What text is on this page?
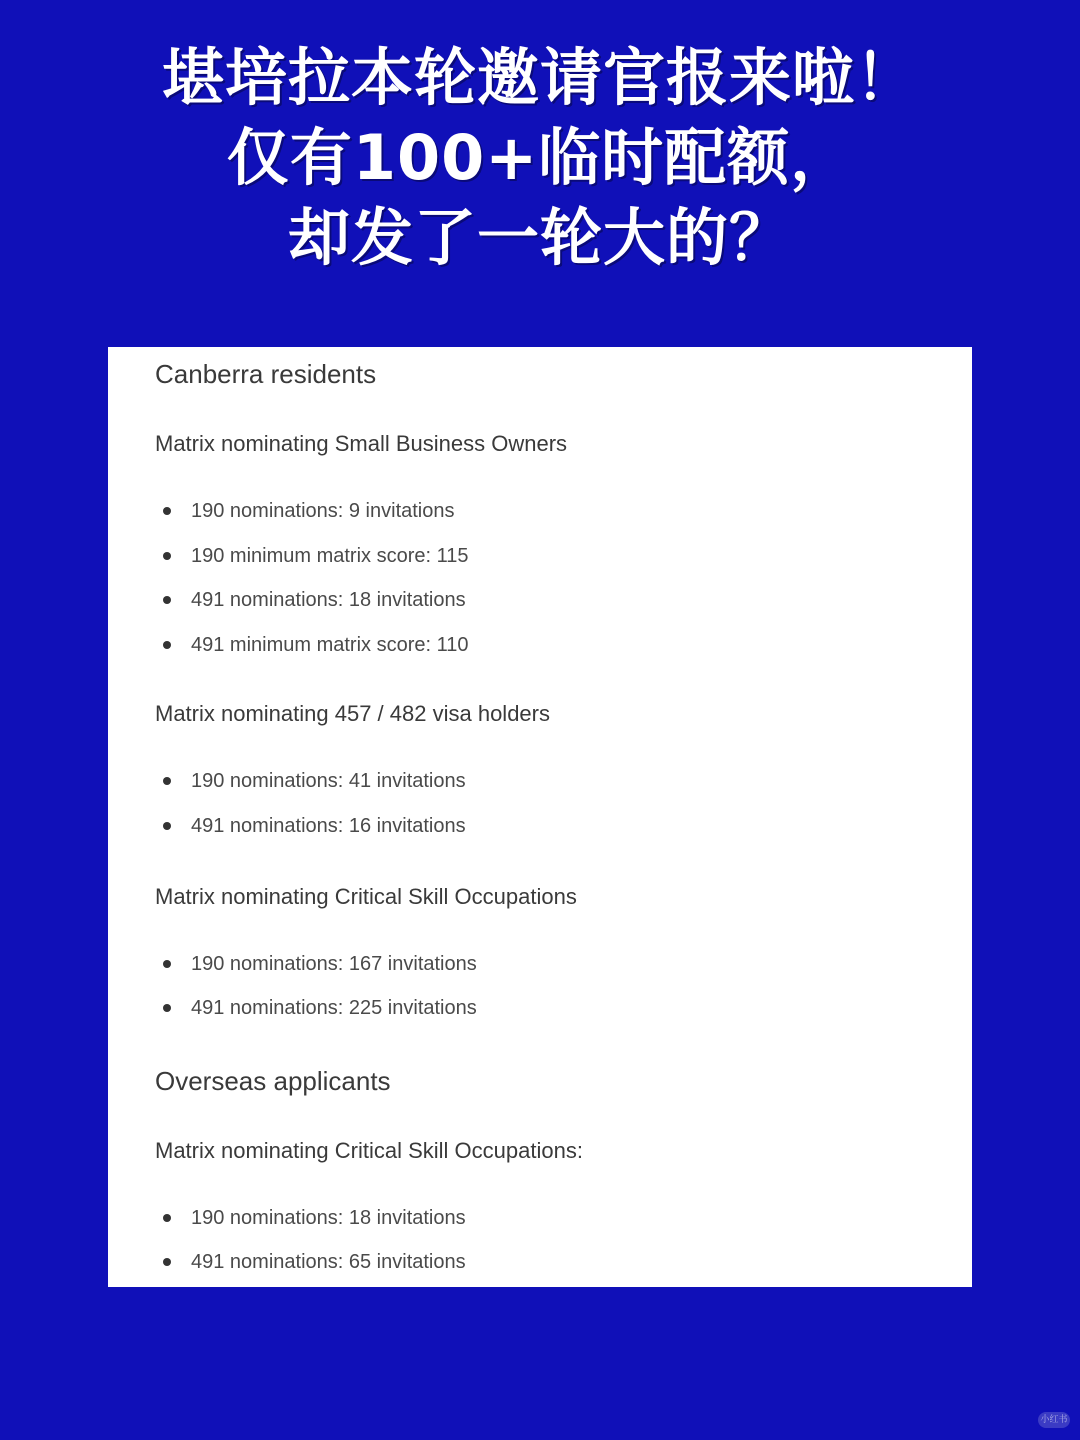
堪培拉本轮邀请官报来啦！
仅有100+临时配额，
却发了一轮大的？
Canberra residents
Matrix nominating Small Business Owners
190 nominations: 9 invitations
190 minimum matrix score: 115
491 nominations: 18 invitations
491 minimum matrix score: 110
Matrix nominating 457 / 482 visa holders
190 nominations: 41 invitations
491 nominations: 16 invitations
Matrix nominating Critical Skill Occupations
190 nominations: 167 invitations
491 nominations: 225 invitations
Overseas applicants
Matrix nominating Critical Skill Occupations:
190 nominations: 18 invitations
491 nominations: 65 invitations
小红书
